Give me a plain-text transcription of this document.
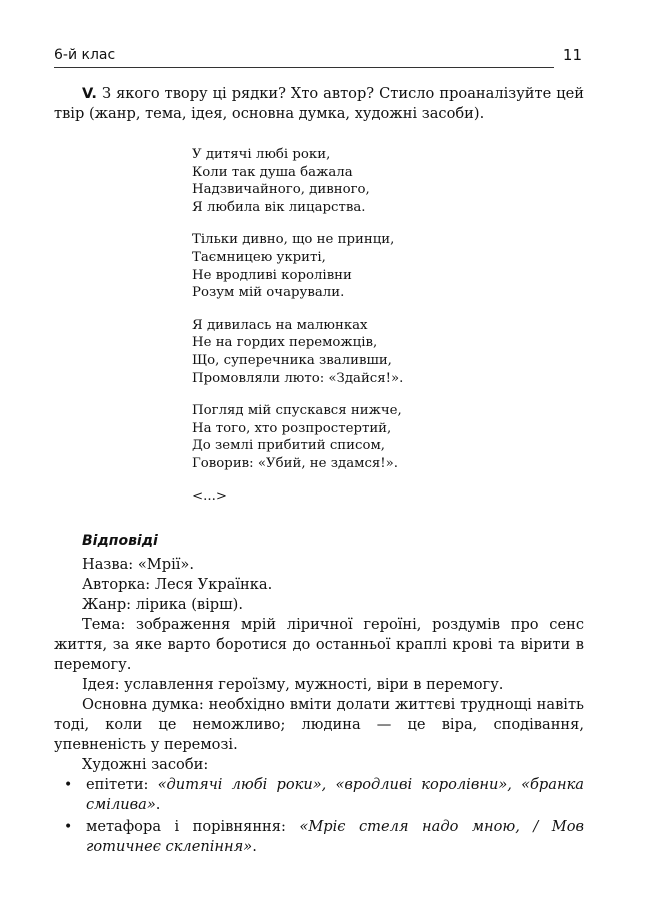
6-й клас	11

V. З якого твору ці рядки? Хто автор? Стисло проаналізуйте цей твір (жанр, тема, ідея, основна думка, художні засоби).

У дитячі любі роки,
Коли так душа бажала
Надзвичайного, дивного,
Я любила вік лицарства.
Тільки дивно, що не принци,
Таємницею укриті,
Не вродливі королівни
Розум мій очарували.
Я дивилась на малюнках
Не на гордих переможців,
Що, суперечника зваливши,
Промовляли люто: «Здайся!».
Погляд мій спускався нижче,
На того, хто розпростертий,
До землі прибитий списом,
Говорив: «Убий, не здамся!».
<...>
Відповіді
Назва: «Мрії».
Авторка: Леся Українка.
Жанр: лірика (вірш).

Тема: зображення мрій ліричної героїні, роздумів про сенс життя, за яке варто боротися до останньої краплі крові та вірити в перемогу.

Ідея: уславлення героїзму, мужності, віри в перемогу.

Основна думка: необхідно вміти долати життєві труднощі навіть тоді, коли це неможливо; людина — це віра, сподівання, упевненість у перемозі.

Художні засоби:
• епітети: «дитячі любі роки», «вродливі королівни», «бранка смілива».
• метафора і порівняння: «Мріє стеля надо мною, / Мов готичнеє склепіння».
